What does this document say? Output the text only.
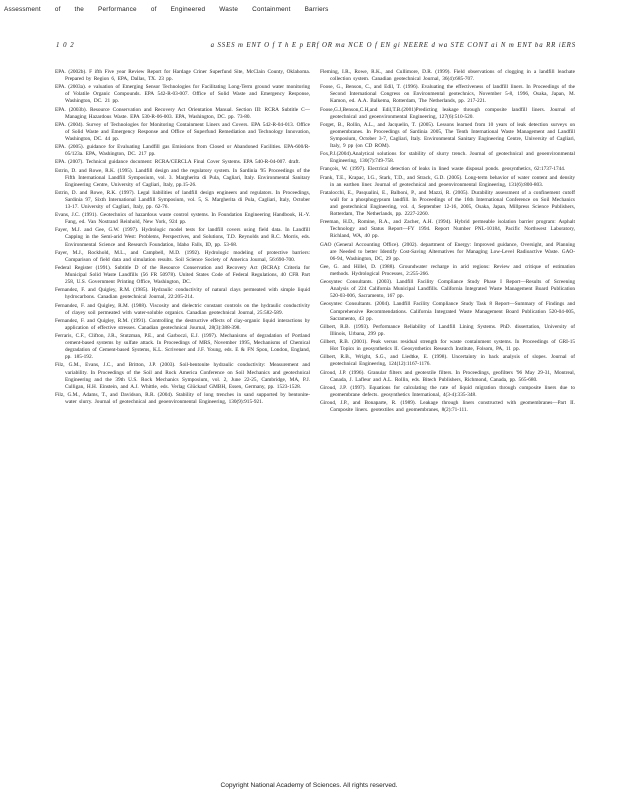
Assessment of the Performance of Engineered Waste Containment Barriers
1 0 2	a SSES m ENT O f T h E p ERf OR ma NCE O f EN gi NEERE d wa STE CONT ai N m ENT ba RR iERS

EPA. (2002b). F ifth Five year Review Report for Hardage Criner Superfund Site, McClain County, Oklahoma. Prepared by Region 6, EPA, Dallas, TX. 23 pp.

EPA. (2003a). e valuation of Emerging Sensor Technologies for Facilitating Long-Term ground water monitoring of Volatile Organic Compounds. EPA 542-R-03-007. Office of Solid Waste and Emergency Response, Washington, DC. 21 pp.

EPA. (2003b). Resource Conservation and Recovery Act Orientation Manual. Section III: RCRA Subtitle C—Managing Hazardous Waste. EPA 530-R-06-003. EPA, Washington, DC. pp. 73-80.

EPA. (2004). Survey of Technologies for Monitoring Containment Liners and Covers. EPA 542-R-04-013. Office of Solid Waste and Emergency Response and Office of Superfund Remediation and Technology Innovation, Washington, DC. 44 pp.

EPA. (2005). guidance for Evaluating Landfill gas Emissions from Closed or Abandoned Facilities. EPA-600/R-05/123a. EPA, Washington, DC. 217 pp.

EPA. (2007). Technical guidance document: RCRA/CERCLA Final Cover Systems. EPA 540-R-04-007. draft.

Estrin, D. and Rowe, R.K. (1995). Landfill design and the regulatory system. In Sardinia '95 Proceedings of the Fifth International Landfill Symposium, vol. 3. Margherita di Pula, Cagliari, Italy. Environmental Sanitary Engineering Centre, University of Cagliari, Italy, pp.15-26.

Estrin, D. and Rowe, R.K. (1997). Legal liabilities of landfill design engineers and regulators. In Proceedings, Sardinia 97, Sixth International Landfill Symposium, vol. 5, S. Margherita di Pula, Cagliari, Italy, October 13-17. University of Cagliari, Italy, pp. 62-76.

Evans, J.C. (1991). Geotechnics of hazardous waste control systems. In Foundation Engineering Handbook, H.-Y. Fang, ed. Van Nostrand Reinhold, New York, 924 pp.

Fayer, M.J. and Gee, G.W. (1997). Hydrologic model tests for landfill covers using field data. In Landfill Capping in the Semi-arid West: Problems, Perspectives, and Solutions, T.D. Reynolds and R.C. Morris, eds. Environmental Science and Research Foundation, Idaho Falls, ID, pp. 53-68.

Fayer, M.J., Rockhold, M.L., and Campbell, M.D. (1992). Hydrologic modeling of protective barriers: Comparison of field data and simulation results. Soil Science Society of America Journal, 56:690-700.

Federal Register (1991). Subtitle D of the Resource Conservation and Recovery Act (RCRA): Criteria for Municipal Solid Waste Landfills (56 FR 50978). United States Code of Federal Regulations, 40 CFR Part 258, U.S. Government Printing Office, Washington, DC.

Fernandez, F. and Quigley, R.M. (1985). Hydraulic conductivity of natural clays permeated with simple liquid hydrocarbons. Canadian geotechnical Journal, 22:205-214.

Fernandez, F. and Quigley, R.M. (1988). Viscosity and dielectric constant controls on the hydraulic conductivity of clayey soil permeated with water-soluble organics. Canadian geotechnical Journal, 25:582-589.

Fernandez, F. and Quigley, R.M. (1991). Controlling the destructive effects of clay-organic liquid interactions by application of effective stresses. Canadian geotechnical Journal, 28(3):388-398.

Ferraris, C.F., Clifton, J.R., Stutzman, P.E., and Garboczi, E.J. (1997). Mechanisms of degradation of Portland cement-based systems by sulfate attack. In Proceedings of MRS, November 1995, Mechanisms of Chemical degradation of Cement-based Systems, K.L. Scrivener and J.F. Young, eds. E & FN Spon, London, England, pp. 185-192.

Filz, G.M., Evans, J.C., and Britton, J.P. (2003). Soil-bentonite hydraulic conductivity: Measurement and variability. In Proceedings of the Soil and Rock America Conference on Soil Mechanics and geotechnical Engineering and the 39th U.S. Rock Mechanics Symposium, vol. 2, June 22-25, Cambridge, MA, P.J. Culligan, H.H. Einstein, and A.J. Whittle, eds. Verlag Glückauf GMBH, Essen, Germany, pp. 1523-1528.

Filz, G.M., Adams, T., and Davidson, R.R. (2004). Stability of long trenches in sand supported by bentonite-water slurry. Journal of geotechnical and geoenvironmental Engineering, 130(9):915-921.

Fleming, I.R., Rowe, R.K., and Cullimore, D.R. (1999). Field observations of clogging in a landfill leachate collection system. Canadian geotechnical Journal, 36(4):685-707.

Foose, G., Benson, C., and Edil, T. (1996). Evaluating the effectiveness of landfill liners. In Proceedings of the Second International Congress on Environmental geotechnics, November 5-8, 1996, Osaka, Japan, M. Kamon, ed. A.A. Balkema, Rotterdam, The Netherlands, pp. 217-221.

Foose,G.J,Benson,C.H,and Edil,T.B.(2001)Predicting leakage through composite landfill liners. Journal of geotechnical and geoenvironmental Engineering, 127(6):510-520.

Forget, B., Rollin, A.L., and Jacquelin, T. (2005). Lessons learned from 10 years of leak detection surveys on geomembranes. In Proceedings of Sardinia 2005, The Tenth International Waste Management and Landfill Symposium, October 3-7, Cagliari, Italy. Environmental Sanitary Engineering Centre, University of Cagliari, Italy, 9 pp (on CD ROM).

Fox,P.J.(2004).Analytical solutions for stability of slurry trench. Journal of geotechnical and geoenvironmental Engineering, 130(7):749-758.

François, W. (1997). Electrical detection of leaks in lined waste disposal ponds. geosynthetics, 62:1737-1744.

Frank, T.E., Krapac, I.G., Stark, T.D., and Strack, G.D. (2005). Long-term behavior of water content and density in an earthen liner. Journal of geotechnical and geoenvironmental Engineering, 131(6):800-803.

Fratalocchi, E., Pasqualini, E., Balboni, P., and Mazzi, R. (2005). Durability assessment of a confinement cutoff wall for a phosphogypsum landfill. In Proceedings of the 16th International Conference on Soil Mechanics and geotechnical Engineering, vol. 4, September 12-16, 2005, Osaka, Japan, Millpress Science Publishers, Rotterdam, The Netherlands, pp. 2227-2260.

Freeman, H.D., Romine, R.A., and Zacher, A.H. (1994). Hybrid permeable isolation barrier program: Asphalt Technology and Status Report—FY 1994. Report Number PNL-10184, Pacific Northwest Laboratory, Richland, WA, 40 pp.

GAO (General Accounting Office). (2002). department of Energy: Improved guidance, Oversight, and Planning are Needed to better Identify Cost-Saving Alternatives for Managing Low-Level Radioactive Waste. GAO-06-94, Washington, DC, 29 pp.

Gee, G. and Hillel, D. (1988). Groundwater recharge in arid regions: Review and critique of estimation methods. Hydrological Processes, 2:255-266.

Geosyntec Consultants. (2003). Landfill Facility Compliance Study Phase I Report—Results of Screening Analysis of 224 California Municipal Landfills. California Integrated Waste Management Board Publication 520-03-006, Sacramento, 167 pp.

Geosyntec Consultants. (2004). Landfill Facility Compliance Study Task 8 Report—Summary of Findings and Comprehensive Recommendations. California Integrated Waste Management Board Publication 520-04-005, Sacramento, 43 pp.

Gilbert, R.B. (1993). Performance Reliability of Landfill Lining Systems. PhD. dissertation, University of Illinois, Urbana, 299 pp.

Gilbert, R.B. (2001). Peak versus residual strength for waste containment systems. In Proceedings of GRI-15 Hot Topics in geosynthetics II. Geosynthetics Research Institute, Folsom, PA, 11 pp.

Gilbert, R.B., Wright, S.G., and Liedtke, E. (1998). Uncertainty in back analysis of slopes. Journal of geotechnical Engineering, 124(12):1167-1176.

Giroud, J.P. (1996). Granular filters and geotextile filters. In Proceedings, geofilters '96 May 29-31, Montreal, Canada, J. Lafleur and A.L. Rollin, eds. Bitech Publishers, Richmond, Canada, pp. 565-680.

Giroud, J.P. (1997). Equations for calculating the rate of liquid migration through composite liners due to geomembrane defects. geosynthetics International, 4(3-4):335-348.

Giroud, J.P., and Bonaparte, R. (1989). Leakage through liners constructed with geomembranes—Part II. Composite liners. geotextiles and geomembranes, 8(2):71-111.

Copyright National Academy of Sciences. All rights reserved.
